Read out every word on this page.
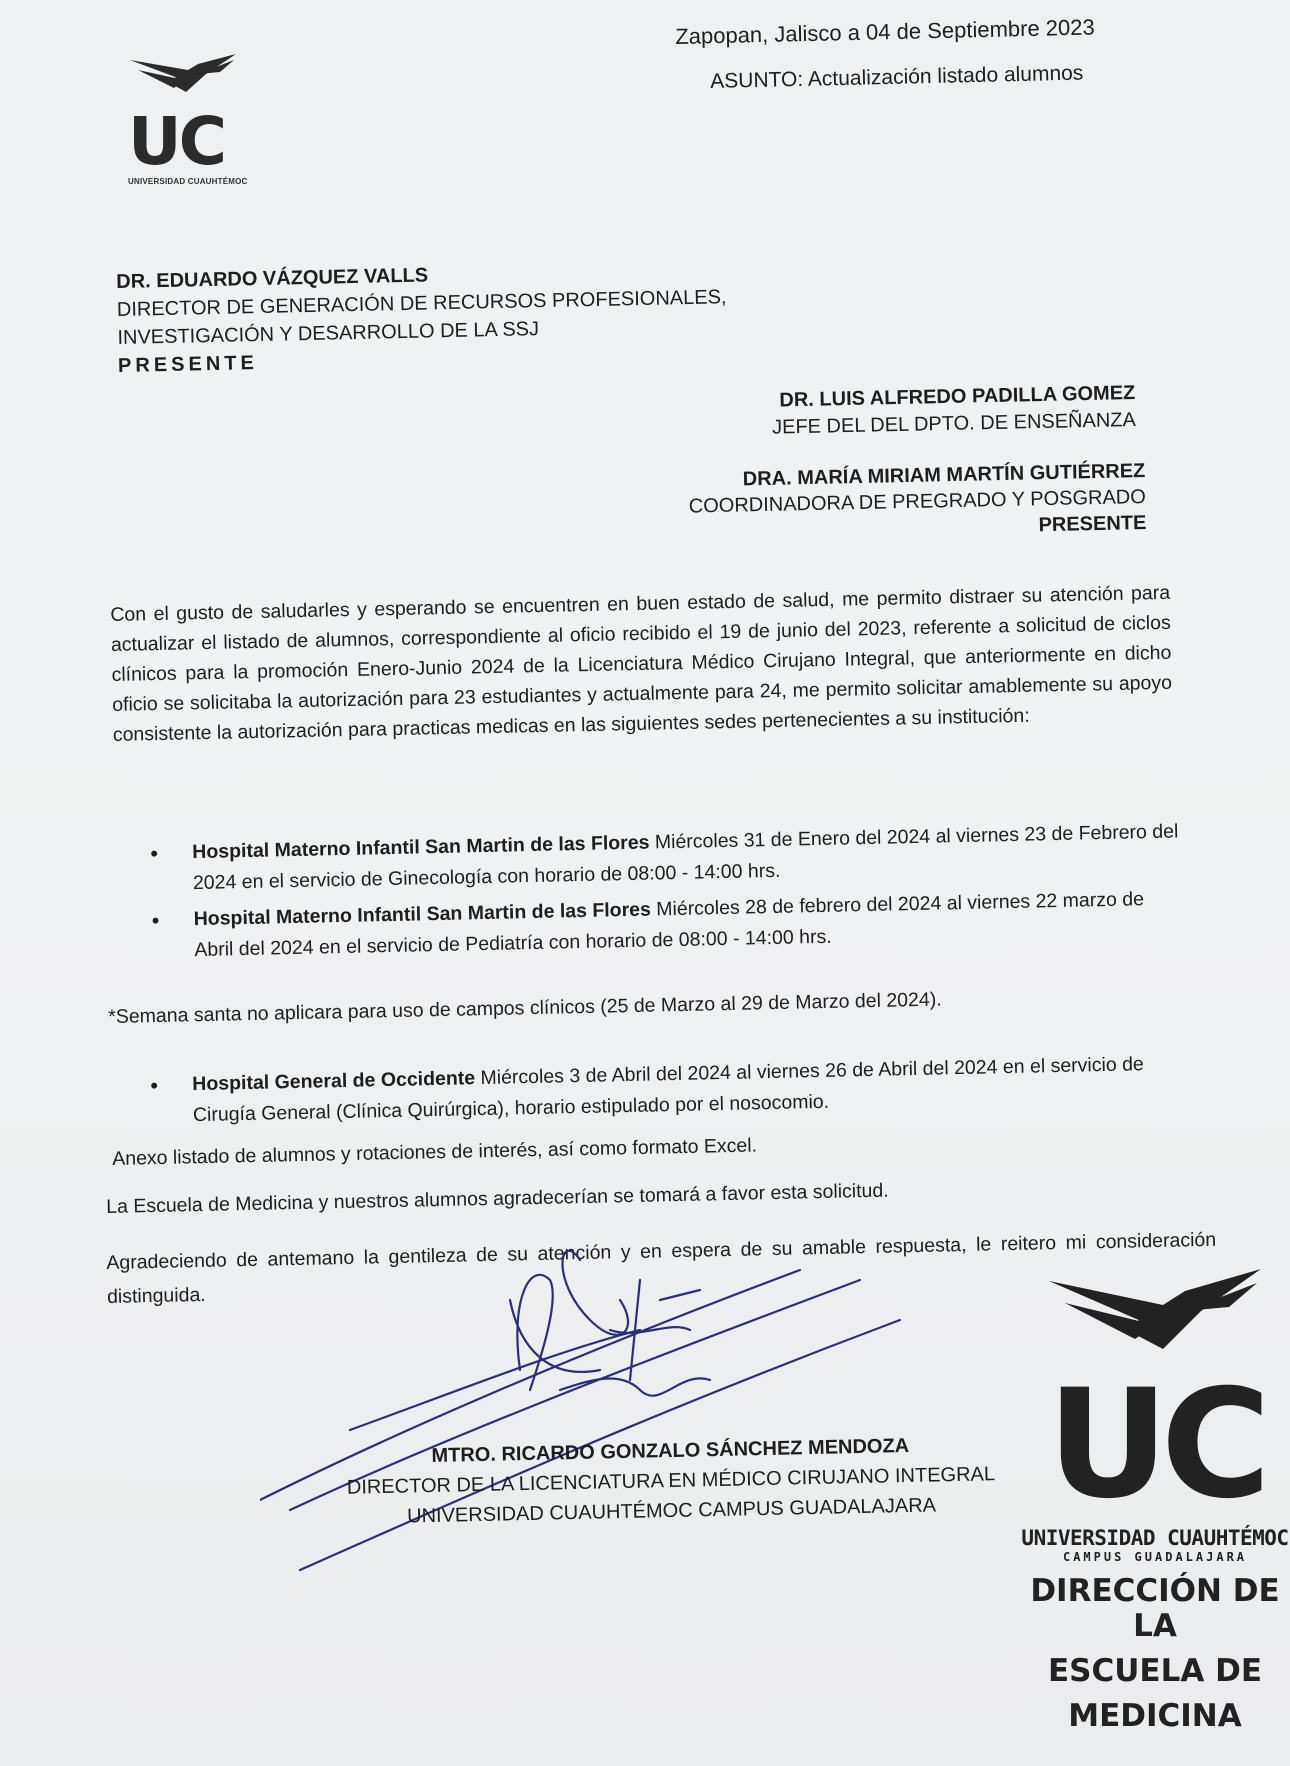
UC
UNIVERSIDAD CUAUHTÉMOC
Zapopan, Jalisco a 04 de Septiembre 2023
ASUNTO: Actualización listado alumnos
DR. EDUARDO VÁZQUEZ VALLS
DIRECTOR DE GENERACIÓN DE RECURSOS PROFESIONALES,
INVESTIGACIÓN Y DESARROLLO DE LA SSJ
PRESENTE
DR. LUIS ALFREDO PADILLA GOMEZ
JEFE DEL DEL DPTO. DE ENSEÑANZA
DRA. MARÍA MIRIAM MARTÍN GUTIÉRREZ
COORDINADORA DE PREGRADO Y POSGRADO
PRESENTE
Con el gusto de saludarles y esperando se encuentren en buen estado de salud, me permito distraer su atención para actualizar el listado de alumnos, correspondiente al oficio recibido el 19 de junio del 2023, referente a solicitud de ciclos clínicos para la promoción Enero-Junio 2024 de la Licenciatura Médico Cirujano Integral, que anteriormente en dicho oficio se solicitaba la autorización para 23 estudiantes y actualmente para 24, me permito solicitar amablemente su apoyo consistente la autorización para practicas medicas en las siguientes sedes pertenecientes a su institución:
• Hospital Materno Infantil San Martin de las Flores Miércoles 31 de Enero del 2024 al viernes 23 de Febrero del 2024 en el servicio de Ginecología con horario de 08:00 - 14:00 hrs.
• Hospital Materno Infantil San Martin de las Flores Miércoles 28 de febrero del 2024 al viernes 22 marzo de Abril del 2024 en el servicio de Pediatría con horario de 08:00 - 14:00 hrs.
*Semana santa no aplicara para uso de campos clínicos (25 de Marzo al 29 de Marzo del 2024).
• Hospital General de Occidente Miércoles 3 de Abril del 2024 al viernes 26 de Abril del 2024 en el servicio de Cirugía General (Clínica Quirúrgica), horario estipulado por el nosocomio.
Anexo listado de alumnos y rotaciones de interés, así como formato Excel.
La Escuela de Medicina y nuestros alumnos agradecerían se tomará a favor esta solicitud.
Agradeciendo de antemano la gentileza de su atención y en espera de su amable respuesta, le reitero mi consideración distinguida.
MTRO. RICARDO GONZALO SÁNCHEZ MENDOZA
DIRECTOR DE LA LICENCIATURA EN MÉDICO CIRUJANO INTEGRAL
UNIVERSIDAD CUAUHTÉMOC CAMPUS GUADALAJARA UC
UNIVERSIDAD CUAUHTÉMOC
CAMPUS GUADALAJARA
DIRECCIÓN DE LA
ESCUELA DE
MEDICINA
